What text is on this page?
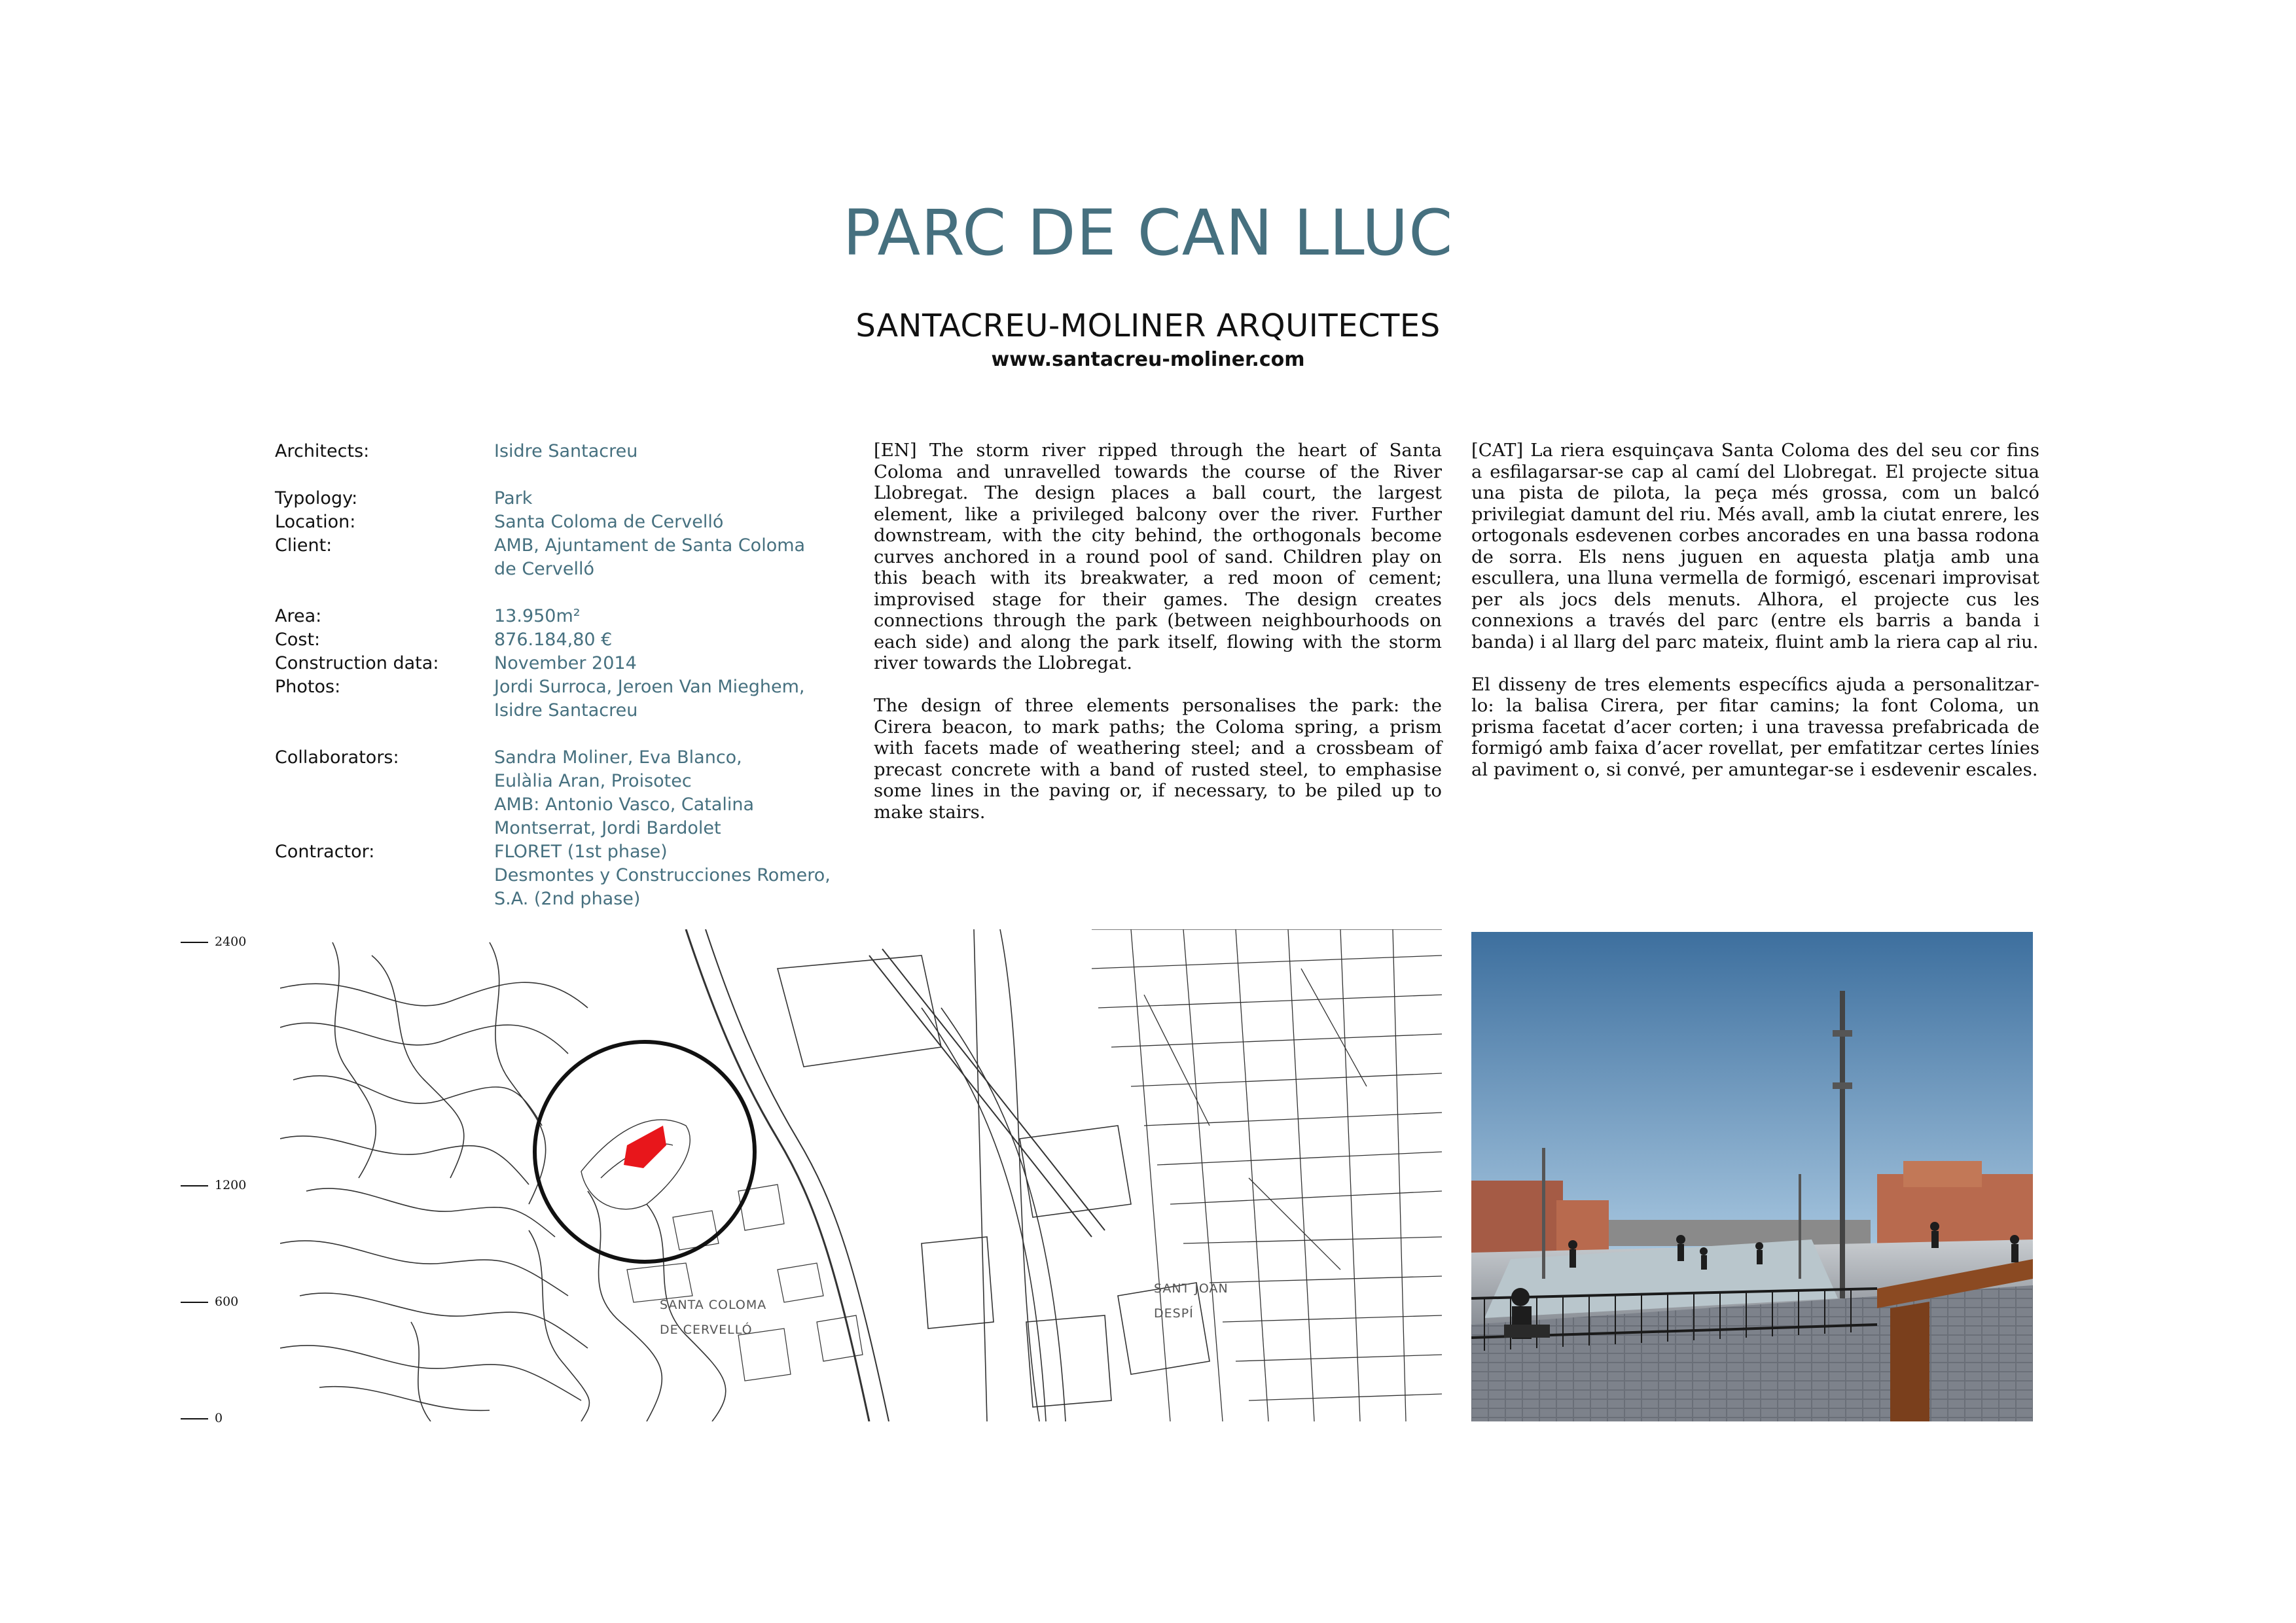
PARC DE CAN LLUC
SANTACREU-MOLINER ARQUITECTES
www.santacreu-moliner.com
Architects:	Isidre Santacreu
Typology:	Park
Location:	Santa Coloma de Cervelló
Client:	AMB, Ajuntament de Santa Coloma
de Cervelló
Area:	13.950m²
Cost:	876.184,80 €
Construction data:	November 2014
Photos:	Jordi Surroca, Jeroen Van Mieghem,
Isidre Santacreu
Collaborators:	Sandra Moliner, Eva Blanco,
Eulàlia Aran, Proisotec
AMB: Antonio Vasco, Catalina
Montserrat, Jordi Bardolet
Contractor:	FLORET (1st phase)
Desmontes y Construcciones Romero,
S.A. (2nd phase)

[EN] The storm river ripped through the heart of Santa Coloma and unravelled towards the course of the River Llobregat. The design places a ball court, the largest element, like a privileged balcony over the river. Further downstream, with the city behind, the orthogonals become curves anchored in a round pool of sand. Children play on this beach with its breakwater, a red moon of cement; improvised stage for their games. The design creates connections through the park (between neighbourhoods on each side) and along the park itself, flowing with the storm river towards the Llobregat.

The design of three elements personalises the park: the Cirera beacon, to mark paths; the Coloma spring, a prism with facets made of weathering steel; and a crossbeam of precast concrete with a band of rusted steel, to emphasise some lines in the paving or, if necessary, to be piled up to make stairs.

[CAT] La riera esquinçava Santa Coloma des del seu cor fins a esfilagarsar-se cap al camí del Llobregat. El projecte situa una pista de pilota, la peça més grossa, com un balcó privilegiat damunt del riu. Més avall, amb la ciutat enrere, les ortogonals esdevenen corbes ancorades en una bassa rodona de sorra. Els nens juguen en aquesta platja amb una escullera, una lluna vermella de formigó, escenari improvisat per als jocs dels menuts. Alhora, el projecte cus les connexions a través del parc (entre els barris a banda i banda) i al llarg del parc mateix, fluint amb la riera cap al riu.

El disseny de tres elements específics ajuda a personalitzar-lo: la balisa Cirera, per fitar camins; la font Coloma, un prisma facetat d’acer corten; i una travessa prefabricada de formigó amb faixa d’acer rovellat, per emfatitzar certes línies al paviment o, si convé, per amuntegar-se i esdevenir escales.

2400
1200
600
0
SANTA COLOMA
DE CERVELLÓ
SANT JOAN
DESPÍ
